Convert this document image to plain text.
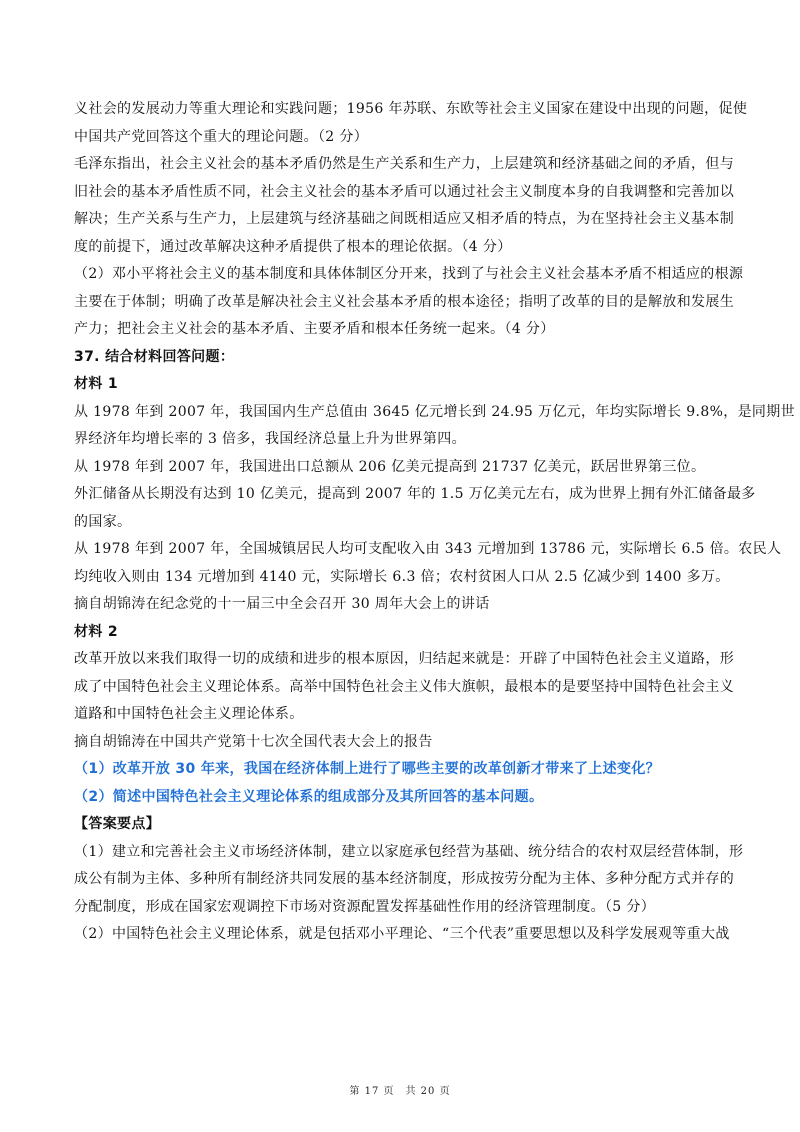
义社会的发展动力等重大理论和实践问题；1956 年苏联、东欧等社会主义国家在建设中出现的问题，促使
中国共产党回答这个重大的理论问题。（2 分）
毛泽东指出，社会主义社会的基本矛盾仍然是生产关系和生产力，上层建筑和经济基础之间的矛盾，但与
旧社会的基本矛盾性质不同，社会主义社会的基本矛盾可以通过社会主义制度本身的自我调整和完善加以
解决；生产关系与生产力，上层建筑与经济基础之间既相适应又相矛盾的特点，为在坚持社会主义基本制
度的前提下，通过改革解决这种矛盾提供了根本的理论依据。（4 分）
（2）邓小平将社会主义的基本制度和具体体制区分开来，找到了与社会主义社会基本矛盾不相适应的根源
主要在于体制；明确了改革是解决社会主义社会基本矛盾的根本途径；指明了改革的目的是解放和发展生
产力；把社会主义社会的基本矛盾、主要矛盾和根本任务统一起来。（4 分）
37. 结合材料回答问题：
材料 1
从 1978 年到 2007 年，我国国内生产总值由 3645 亿元增长到 24.95 万亿元，年均实际增长 9.8%，是同期世
界经济年均增长率的 3 倍多，我国经济总量上升为世界第四。
从 1978 年到 2007 年，我国进出口总额从 206 亿美元提高到 21737 亿美元，跃居世界第三位。
外汇储备从长期没有达到 10 亿美元，提高到 2007 年的 1.5 万亿美元左右，成为世界上拥有外汇储备最多
的国家。
从 1978 年到 2007 年，全国城镇居民人均可支配收入由 343 元增加到 13786 元，实际增长 6.5 倍。农民人
均纯收入则由 134 元增加到 4140 元，实际增长 6.3 倍；农村贫困人口从 2.5 亿减少到 1400 多万。
摘自胡锦涛在纪念党的十一届三中全会召开 30 周年大会上的讲话
材料 2
改革开放以来我们取得一切的成绩和进步的根本原因，归结起来就是：开辟了中国特色社会主义道路，形
成了中国特色社会主义理论体系。高举中国特色社会主义伟大旗帜，最根本的是要坚持中国特色社会主义
道路和中国特色社会主义理论体系。
摘自胡锦涛在中国共产党第十七次全国代表大会上的报告
（1）改革开放 30 年来，我国在经济体制上进行了哪些主要的改革创新才带来了上述变化？
（2）简述中国特色社会主义理论体系的组成部分及其所回答的基本问题。
【答案要点】
（1）建立和完善社会主义市场经济体制，建立以家庭承包经营为基础、统分结合的农村双层经营体制，形
成公有制为主体、多种所有制经济共同发展的基本经济制度，形成按劳分配为主体、多种分配方式并存的
分配制度，形成在国家宏观调控下市场对资源配置发挥基础性作用的经济管理制度。（5 分）
（2）中国特色社会主义理论体系，就是包括邓小平理论、“三个代表”重要思想以及科学发展观等重大战
第 17 页　共 20 页
